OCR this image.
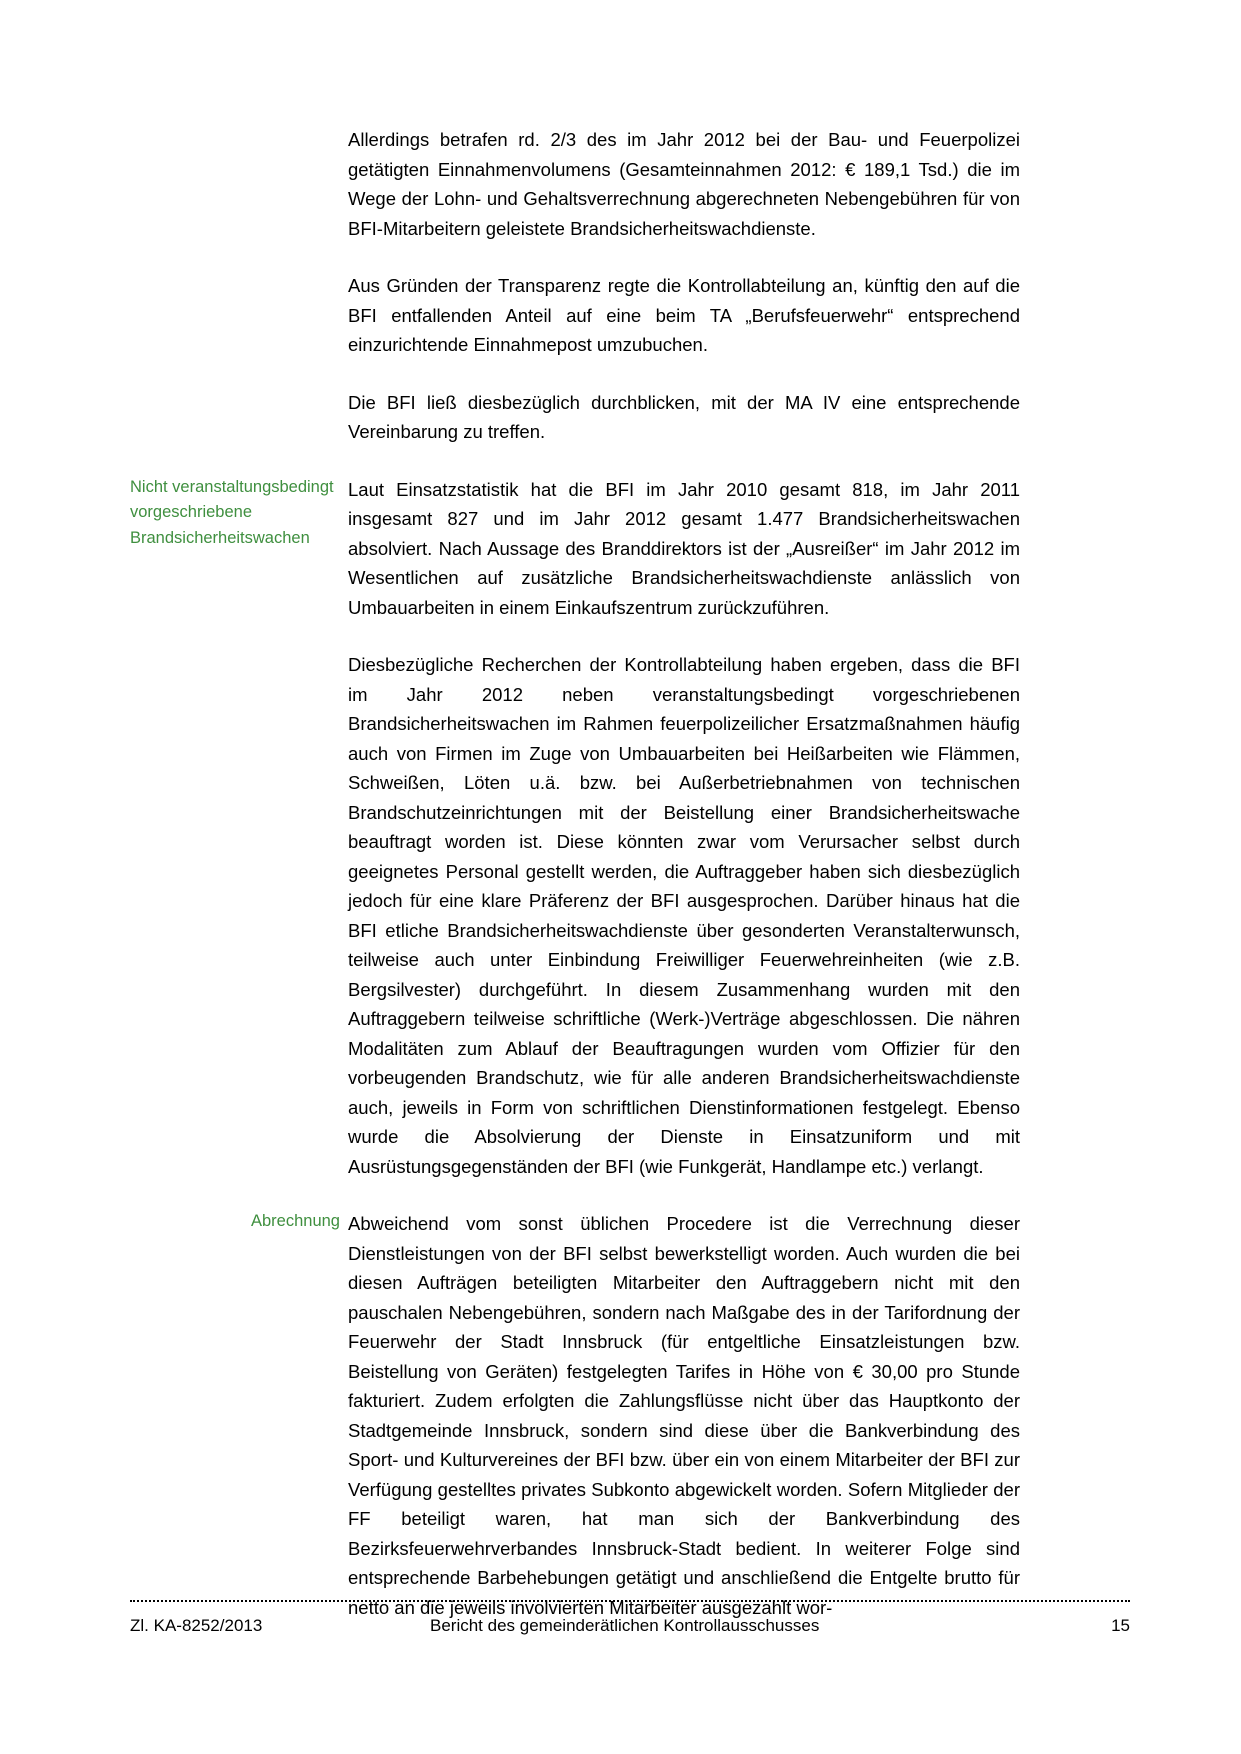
Allerdings betrafen rd. 2/3 des im Jahr 2012 bei der Bau- und Feuerpolizei getätigten Einnahmenvolumens (Gesamteinnahmen 2012: € 189,1 Tsd.) die im Wege der Lohn- und Gehaltsverrechnung abgerechneten Nebengebühren für von BFI-Mitarbeitern geleistete Brandsicherheitswachdienste.

Aus Gründen der Transparenz regte die Kontrollabteilung an, künftig den auf die BFI entfallenden Anteil auf eine beim TA „Berufsfeuerwehr“ entsprechend einzurichtende Einnahmepost umzubuchen.

Die BFI ließ diesbezüglich durchblicken, mit der MA IV eine entsprechende Vereinbarung zu treffen.

Nicht veranstaltungsbedingt vorgeschriebene Brandsicherheitswachen

Laut Einsatzstatistik hat die BFI im Jahr 2010 gesamt 818, im Jahr 2011 insgesamt 827 und im Jahr 2012 gesamt 1.477 Brandsicherheitswachen absolviert. Nach Aussage des Branddirektors ist der „Ausreißer“ im Jahr 2012 im Wesentlichen auf zusätzliche Brandsicherheitswachdienste anlässlich von Umbauarbeiten in einem Einkaufszentrum zurückzuführen.

Diesbezügliche Recherchen der Kontrollabteilung haben ergeben, dass die BFI im Jahr 2012 neben veranstaltungsbedingt vorgeschriebenen Brandsicherheitswachen im Rahmen feuerpolizeilicher Ersatzmaßnahmen häufig auch von Firmen im Zuge von Umbauarbeiten bei Heißarbeiten wie Flämmen, Schweißen, Löten u.ä. bzw. bei Außerbetriebnahmen von technischen Brandschutzeinrichtungen mit der Beistellung einer Brandsicherheitswache beauftragt worden ist. Diese könnten zwar vom Verursacher selbst durch geeignetes Personal gestellt werden, die Auftraggeber haben sich diesbezüglich jedoch für eine klare Präferenz der BFI ausgesprochen. Darüber hinaus hat die BFI etliche Brandsicherheitswachdienste über gesonderten Veranstalterwunsch, teilweise auch unter Einbindung Freiwilliger Feuerwehreinheiten (wie z.B. Bergsilvester) durchgeführt. In diesem Zusammenhang wurden mit den Auftraggebern teilweise schriftliche (Werk-)Verträge abgeschlossen. Die nähren Modalitäten zum Ablauf der Beauftragungen wurden vom Offizier für den vorbeugenden Brandschutz, wie für alle anderen Brandsicherheitswachdienste auch, jeweils in Form von schriftlichen Dienstinformationen festgelegt. Ebenso wurde die Absolvierung der Dienste in Einsatzuniform und mit Ausrüstungsgegenständen der BFI (wie Funkgerät, Handlampe etc.) verlangt.

Abrechnung Abweichend vom sonst üblichen Procedere ist die Verrechnung dieser Dienstleistungen von der BFI selbst bewerkstelligt worden. Auch wurden die bei diesen Aufträgen beteiligten Mitarbeiter den Auftraggebern nicht mit den pauschalen Nebengebühren, sondern nach Maßgabe des in der Tarifordnung der Feuerwehr der Stadt Innsbruck (für entgeltliche Einsatzleistungen bzw. Beistellung von Geräten) festgelegten Tarifes in Höhe von € 30,00 pro Stunde fakturiert. Zudem erfolgten die Zahlungsflüsse nicht über das Hauptkonto der Stadtgemeinde Innsbruck, sondern sind diese über die Bankverbindung des Sport- und Kulturvereines der BFI bzw. über ein von einem Mitarbeiter der BFI zur Verfügung gestelltes privates Subkonto abgewickelt worden. Sofern Mitglieder der FF beteiligt waren, hat man sich der Bankverbindung des Bezirksfeuerwehrverbandes Innsbruck-Stadt bedient. In weiterer Folge sind entsprechende Barbehebungen getätigt und anschließend die Entgelte brutto für netto an die jeweils involvierten Mitarbeiter ausgezahlt wor-

Zl. KA-8252/2013	Bericht des gemeinderätlichen Kontrollausschusses	15
